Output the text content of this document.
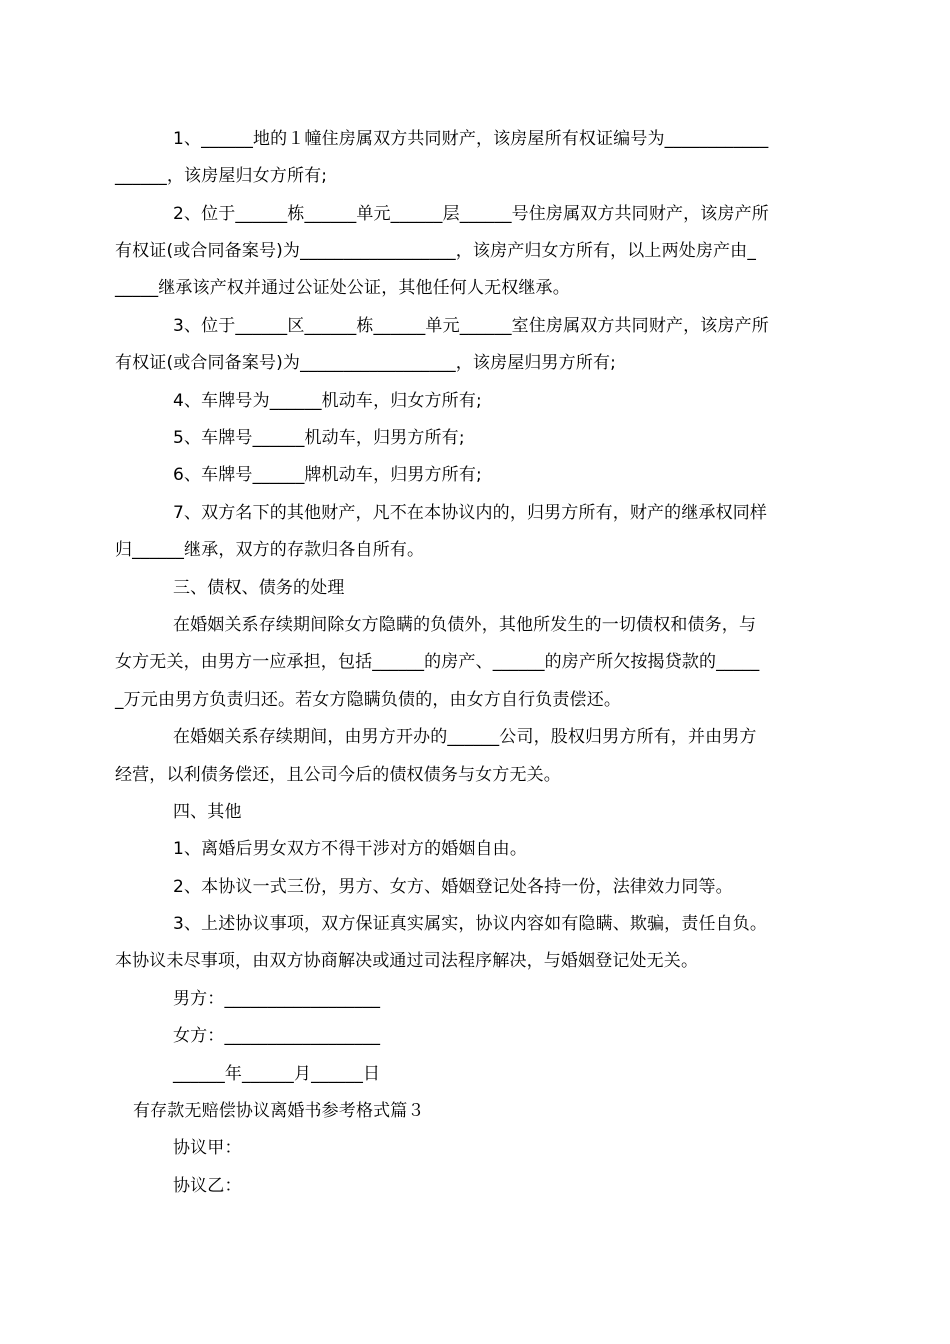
1、______地的１幢住房属双方共同财产，该房屋所有权证编号为____________
______，该房屋归女方所有;
2、位于______栋______单元______层______号住房属双方共同财产，该房产所
有权证(或合同备案号)为__________________，该房产归女方所有，以上两处房产由_
_____继承该产权并通过公证处公证，其他任何人无权继承。
3、位于______区______栋______单元______室住房属双方共同财产，该房产所
有权证(或合同备案号)为__________________，该房屋归男方所有;
4、车牌号为______机动车，归女方所有;
5、车牌号______机动车，归男方所有;
6、车牌号______牌机动车，归男方所有;
7、双方名下的其他财产，凡不在本协议内的，归男方所有，财产的继承权同样
归______继承，双方的存款归各自所有。
三、债权、债务的处理
在婚姻关系存续期间除女方隐瞒的负债外，其他所发生的一切债权和债务，与
女方无关，由男方一应承担，包括______的房产、______的房产所欠按揭贷款的_____
_万元由男方负责归还。若女方隐瞒负债的，由女方自行负责偿还。
在婚姻关系存续期间，由男方开办的______公司，股权归男方所有，并由男方
经营，以利债务偿还，且公司今后的债权债务与女方无关。
四、其他
1、离婚后男女双方不得干涉对方的婚姻自由。
2、本协议一式三份，男方、女方、婚姻登记处各持一份，法律效力同等。
3、上述协议事项，双方保证真实属实，协议内容如有隐瞒、欺骗，责任自负。
本协议未尽事项，由双方协商解决或通过司法程序解决，与婚姻登记处无关。
男方：__________________
女方：__________________
______年______月______日
有存款无赔偿协议离婚书参考格式篇３
协议甲：
协议乙：
